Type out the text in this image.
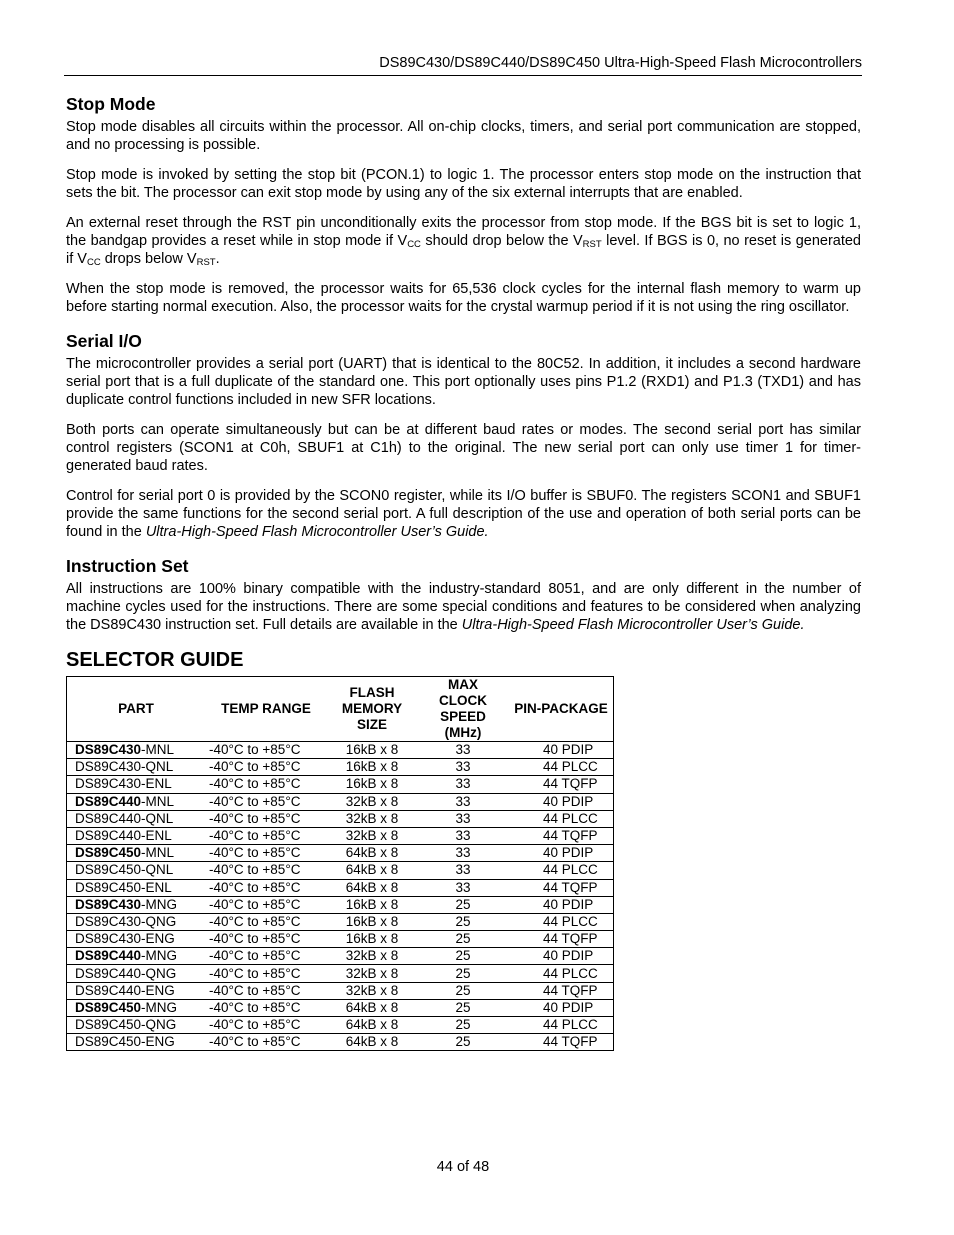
DS89C430/DS89C440/DS89C450 Ultra-High-Speed Flash Microcontrollers
Stop Mode

Stop mode disables all circuits within the processor. All on-chip clocks, timers, and serial port communication are stopped, and no processing is possible.

Stop mode is invoked by setting the stop bit (PCON.1) to logic 1. The processor enters stop mode on the instruction that sets the bit. The processor can exit stop mode by using any of the six external interrupts that are enabled.

An external reset through the RST pin unconditionally exits the processor from stop mode. If the BGS bit is set to logic 1, the bandgap provides a reset while in stop mode if $V_{CC}$ should drop below the $V_{RST}$ level. If BGS is 0, no reset is generated if $V_{CC}$ drops below $V_{RST}$.

When the stop mode is removed, the processor waits for 65,536 clock cycles for the internal flash memory to warm up before starting normal execution. Also, the processor waits for the crystal warmup period if it is not using the ring oscillator.

Serial I/O

The microcontroller provides a serial port (UART) that is identical to the 80C52. In addition, it includes a second hardware serial port that is a full duplicate of the standard one. This port optionally uses pins P1.2 (RXD1) and P1.3 (TXD1) and has duplicate control functions included in new SFR locations.

Both ports can operate simultaneously but can be at different baud rates or modes. The second serial port has similar control registers (SCON1 at C0h, SBUF1 at C1h) to the original. The new serial port can only use timer 1 for timer-generated baud rates.

Control for serial port 0 is provided by the SCON0 register, while its I/O buffer is SBUF0. The registers SCON1 and SBUF1 provide the same functions for the second serial port. A full description of the use and operation of both serial ports can be found in the Ultra-High-Speed Flash Microcontroller User’s Guide.

Instruction Set

All instructions are 100% binary compatible with the industry-standard 8051, and are only different in the number of machine cycles used for the instructions. There are some special conditions and features to be considered when analyzing the DS89C430 instruction set. Full details are available in the Ultra-High-Speed Flash Microcontroller User’s Guide.

SELECTOR GUIDE
PART	TEMP RANGE	FLASH MEMORY SIZE	MAX CLOCK SPEED (MHz)	PIN-PACKAGE
DS89C430-MNL	-40°C to +85°C	16kB x 8	33	40 PDIP
DS89C430-QNL	-40°C to +85°C	16kB x 8	33	44 PLCC
DS89C430-ENL	-40°C to +85°C	16kB x 8	33	44 TQFP
DS89C440-MNL	-40°C to +85°C	32kB x 8	33	40 PDIP
DS89C440-QNL	-40°C to +85°C	32kB x 8	33	44 PLCC
DS89C440-ENL	-40°C to +85°C	32kB x 8	33	44 TQFP
DS89C450-MNL	-40°C to +85°C	64kB x 8	33	40 PDIP
DS89C450-QNL	-40°C to +85°C	64kB x 8	33	44 PLCC
DS89C450-ENL	-40°C to +85°C	64kB x 8	33	44 TQFP
DS89C430-MNG	-40°C to +85°C	16kB x 8	25	40 PDIP
DS89C430-QNG	-40°C to +85°C	16kB x 8	25	44 PLCC
DS89C430-ENG	-40°C to +85°C	16kB x 8	25	44 TQFP
DS89C440-MNG	-40°C to +85°C	32kB x 8	25	40 PDIP
DS89C440-QNG	-40°C to +85°C	32kB x 8	25	44 PLCC
DS89C440-ENG	-40°C to +85°C	32kB x 8	25	44 TQFP
DS89C450-MNG	-40°C to +85°C	64kB x 8	25	40 PDIP
DS89C450-QNG	-40°C to +85°C	64kB x 8	25	44 PLCC
DS89C450-ENG	-40°C to +85°C	64kB x 8	25	44 TQFP
44 of 48
